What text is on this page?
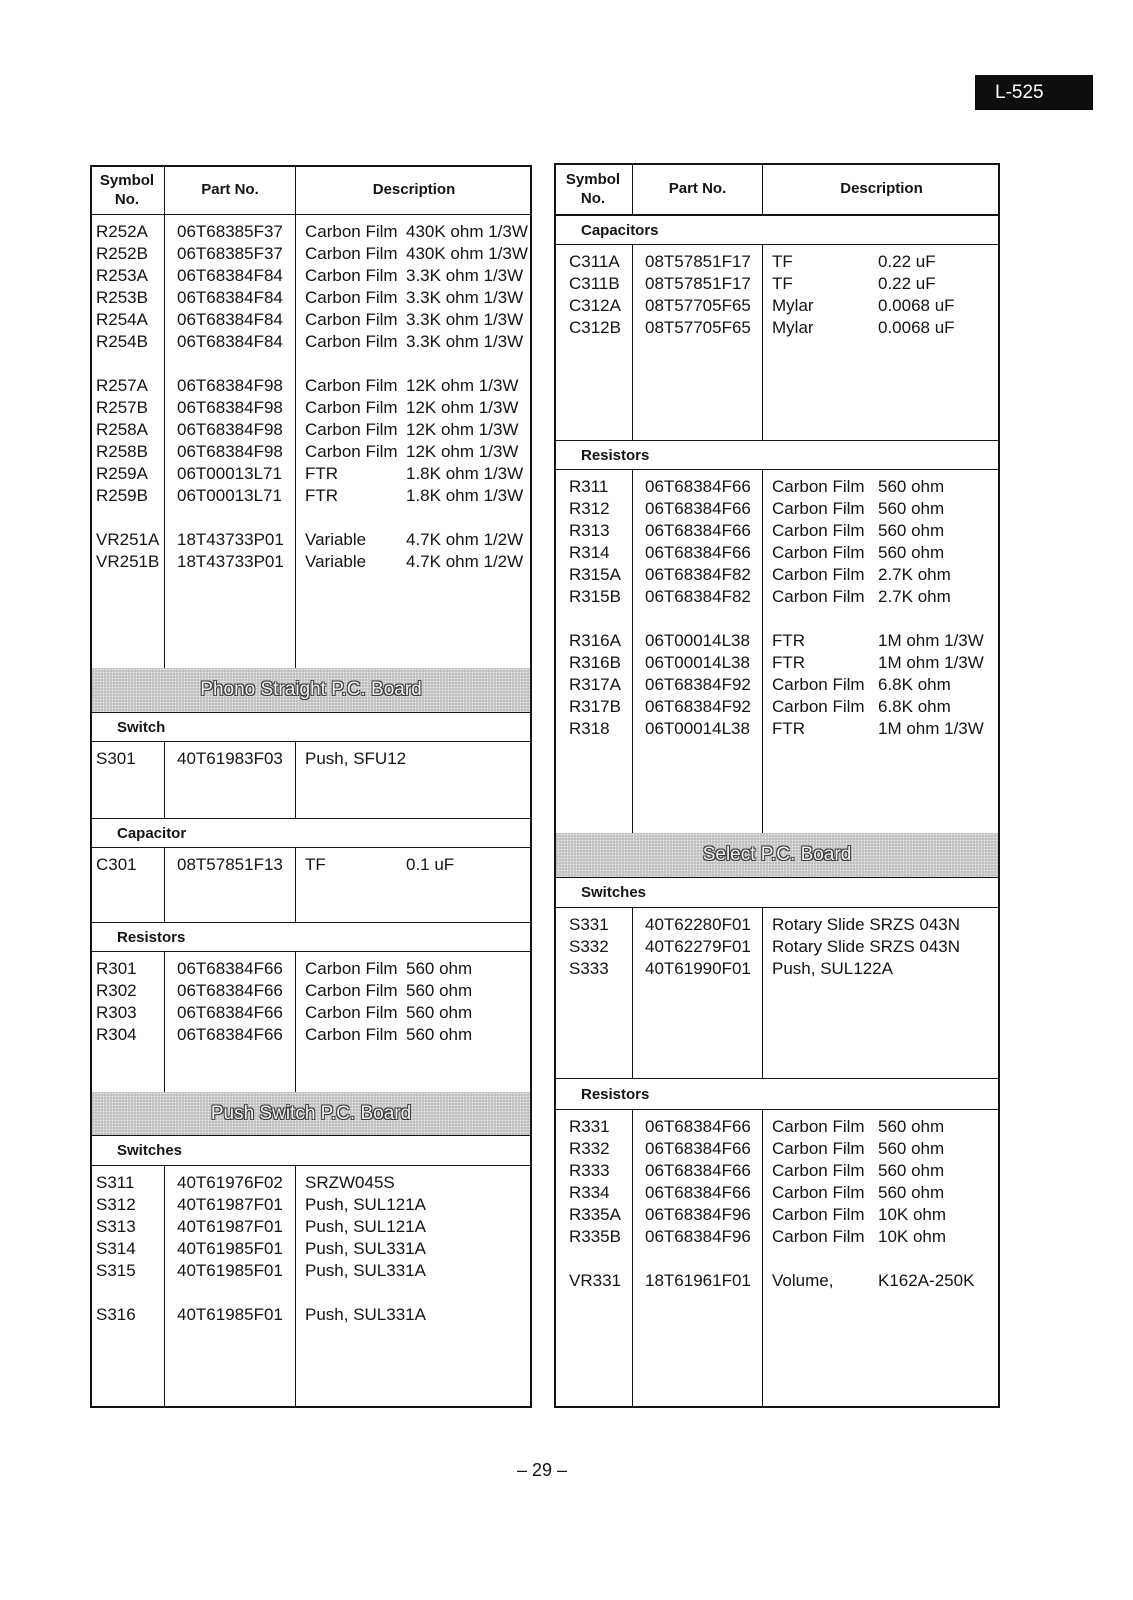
L-525
Symbol
No.
Part No.	Description
R252A	06T68385F37	Carbon Film 430K ohm 1/3W
R252B	06T68385F37	Carbon Film 430K ohm 1/3W
R253A	06T68384F84	Carbon Film 3.3K ohm 1/3W
R253B	06T68384F84	Carbon Film 3.3K ohm 1/3W
R254A	06T68384F84	Carbon Film 3.3K ohm 1/3W
R254B	06T68384F84	Carbon Film 3.3K ohm 1/3W
R257A	06T68384F98	Carbon Film 12K ohm 1/3W
R257B	06T68384F98	Carbon Film 12K ohm 1/3W
R258A	06T68384F98	Carbon Film 12K ohm 1/3W
R258B	06T68384F98	Carbon Film 12K ohm 1/3W
R259A	06T00013L71	FTR	1.8K ohm 1/3W
R259B	06T00013L71	FTR	1.8K ohm 1/3W
VR251A	18T43733P01	Variable 4.7K ohm 1/2W
VR251B	18T43733P01	Variable 4.7K ohm 1/2W
Phono Straight P.C. Board
Switch
S301	40T61983F03	Push, SFU12
Capacitor
C301	08T57851F13	TF	0.1 uF
Resistors
R301	06T68384F66	Carbon Film 560 ohm
R302	06T68384F66	Carbon Film 560 ohm
R303	06T68384F66	Carbon Film 560 ohm
R304	06T68384F66	Carbon Film 560 ohm
Push Switch P.C. Board
Switches
S311	40T61976F02	SRZW045S
S312	40T61987F01	Push, SUL121A
S313	40T61987F01	Push, SUL121A
S314	40T61985F01	Push, SUL331A
S315	40T61985F01	Push, SUL331A
S316	40T61985F01	Push, SUL331A
Symbol
No.
Part No.	Description
Capacitors
C311A	08T57851F17	TF	0.22 uF
C311B	08T57851F17	TF	0.22 uF
C312A	08T57705F65	Mylar	0.0068 uF
C312B	08T57705F65	Mylar	0.0068 uF
Resistors
R311	06T68384F66	Carbon Film 560 ohm
R312	06T68384F66	Carbon Film 560 ohm
R313	06T68384F66	Carbon Film 560 ohm
R314	06T68384F66	Carbon Film 560 ohm
R315A	06T68384F82	Carbon Film 2.7K ohm
R315B	06T68384F82	Carbon Film 2.7K ohm
R316A	06T00014L38	FTR	1M ohm 1/3W
R316B	06T00014L38	FTR	1M ohm 1/3W
R317A	06T68384F92	Carbon Film 6.8K ohm
R317B	06T68384F92	Carbon Film 6.8K ohm
R318	06T00014L38	FTR	1M ohm 1/3W
Select P.C. Board
Switches
S331	40T62280F01	Rotary Slide SRZS 043N
S332	40T62279F01	Rotary Slide SRZS 043N
S333	40T61990F01	Push, SUL122A
Resistors
R331	06T68384F66	Carbon Film 560 ohm
R332	06T68384F66	Carbon Film 560 ohm
R333	06T68384F66	Carbon Film 560 ohm
R334	06T68384F66	Carbon Film 560 ohm
R335A	06T68384F96	Carbon Film 10K ohm
R335B	06T68384F96	Carbon Film 10K ohm
VR331	18T61961F01	Volume,	K162A-250K
– 29 –
